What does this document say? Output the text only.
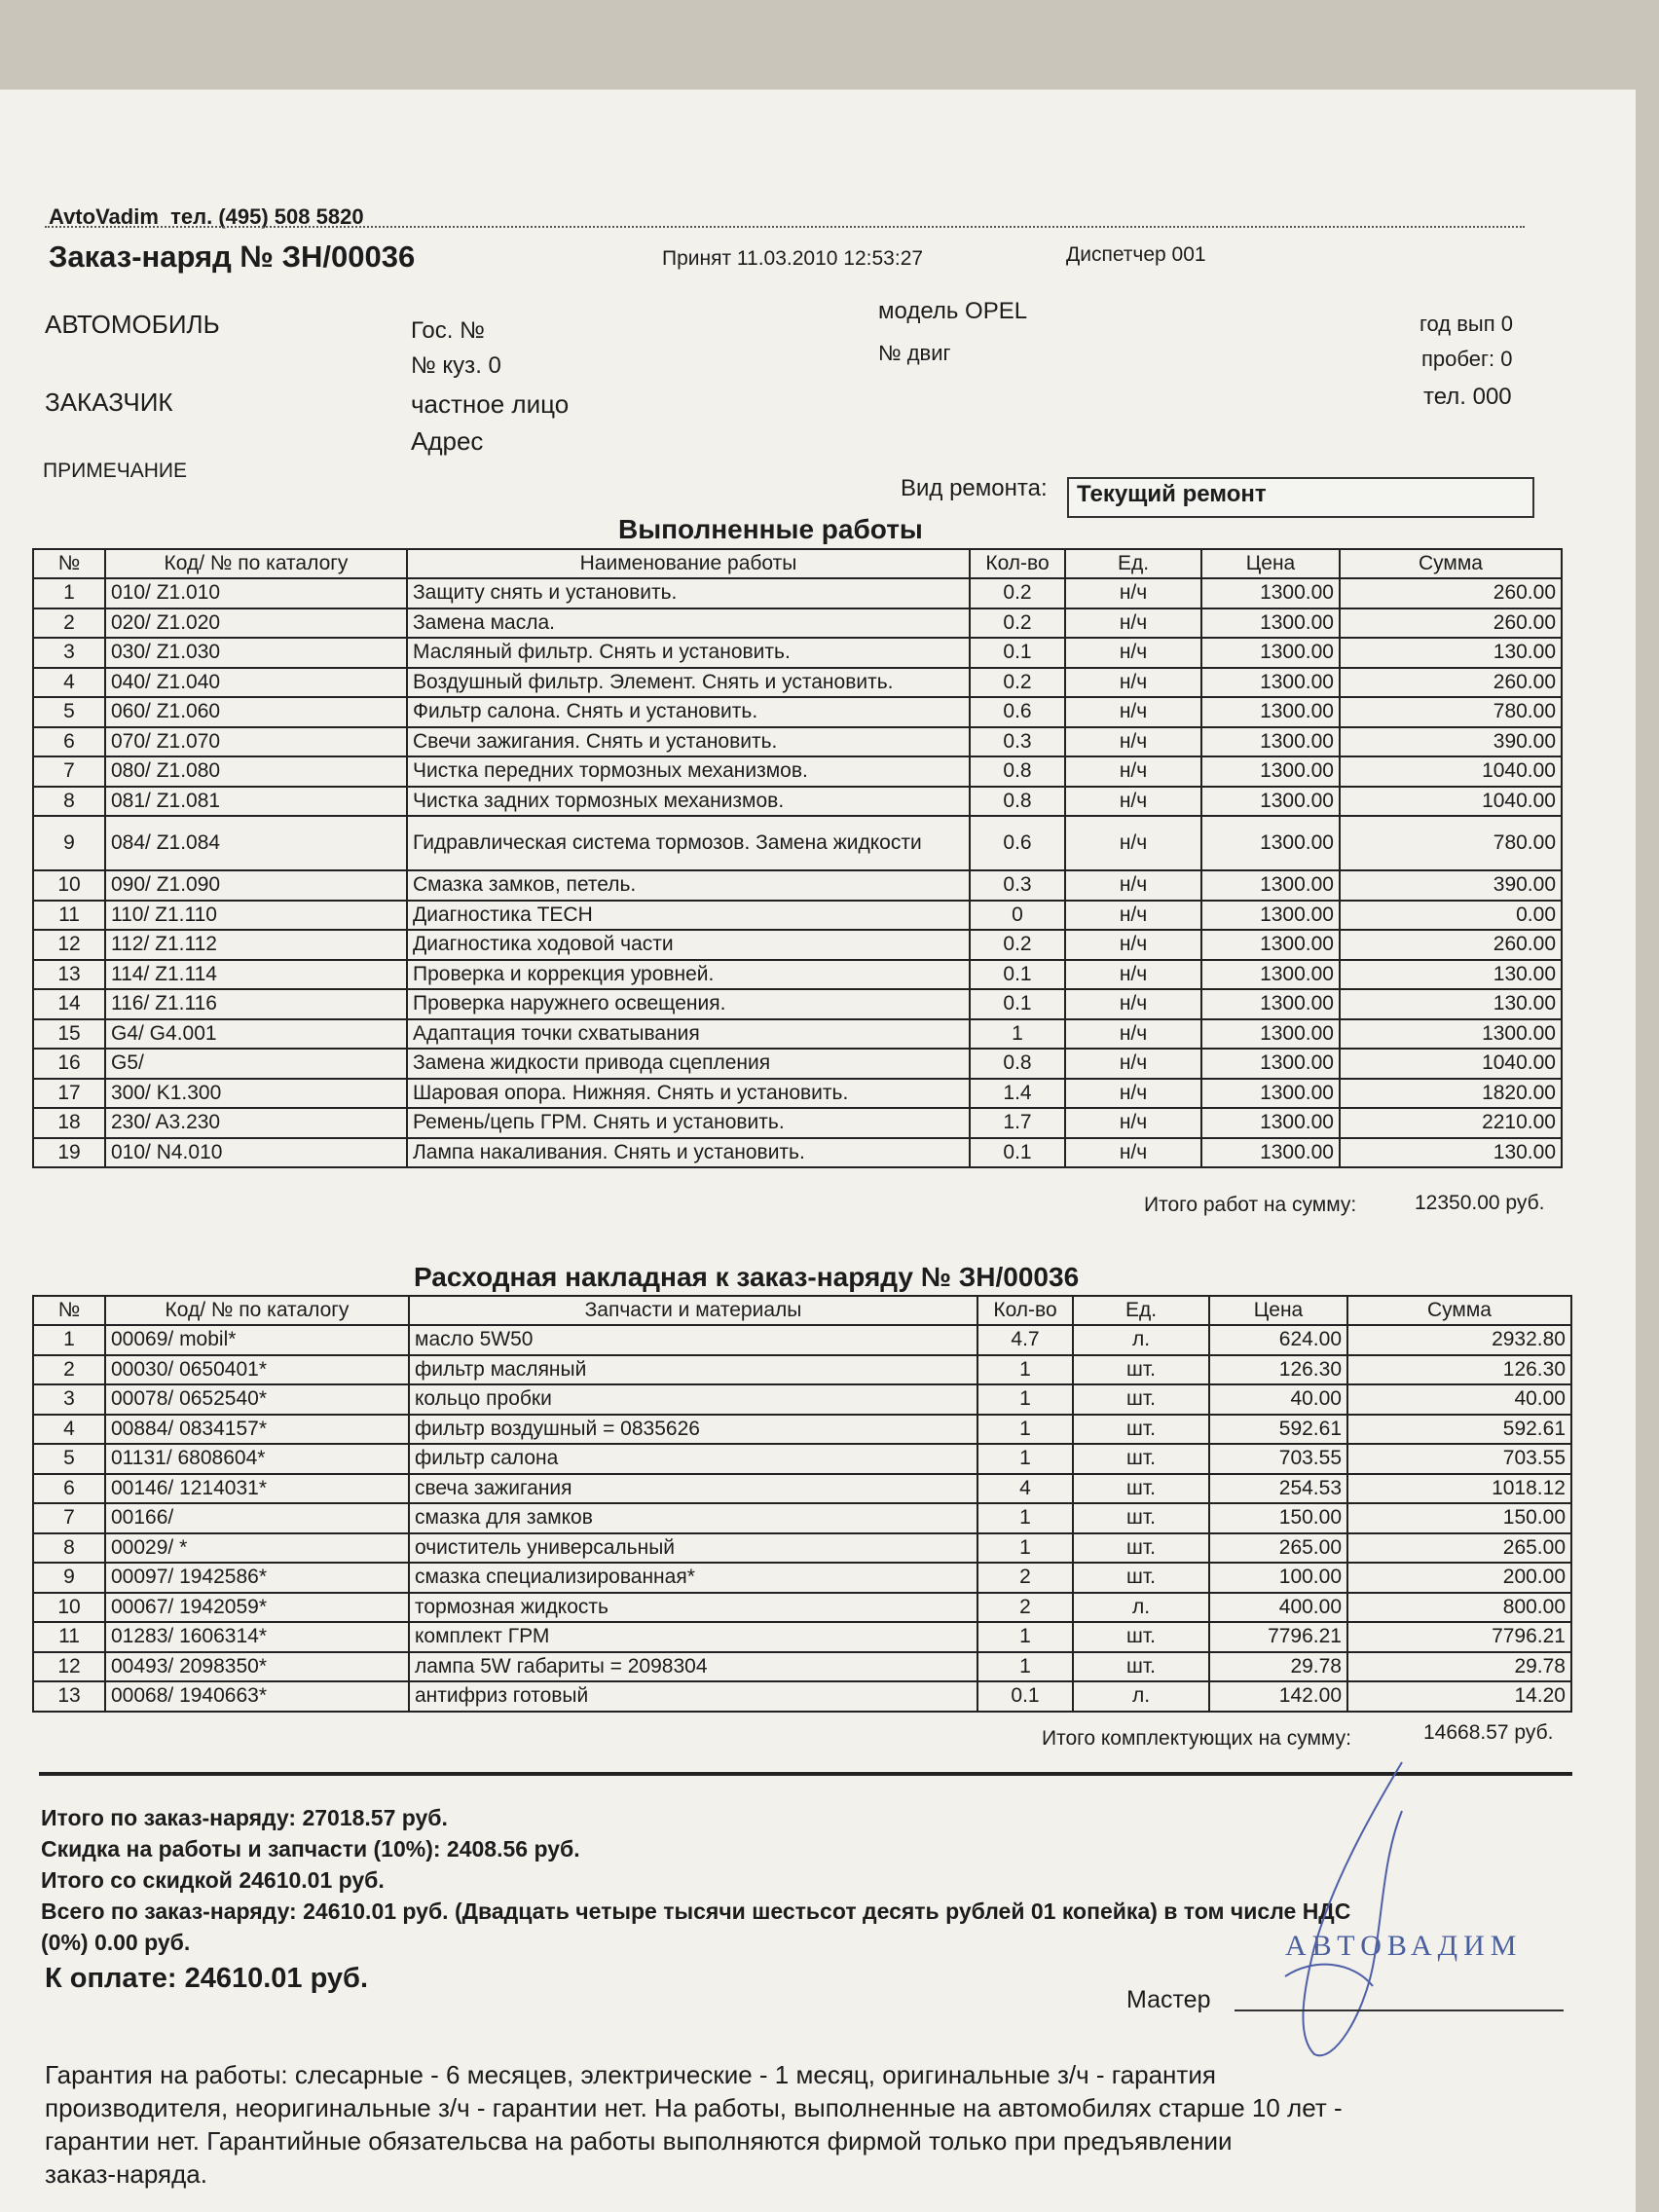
AvtoVadim тел. (495) 508 5820
Заказ-наряд № ЗН/00036	Принят 11.03.2010 12:53:27	Диспетчер 001
АВТОМОБИЛЬ	Гос. №
№ куз. 0
модель OPEL
№ двиг
год вып 0
пробег: 0
ЗАКАЗЧИК	частное лицо
Адрес
тел. 000
ПРИМЕЧАНИЕ
Вид ремонта:	Текущий ремонт
Выполненные работы
№	Код/ № по каталогу	Наименование работы	Кол-во	Ед.	Цена	Сумма
1	010/ Z1.010	Защиту снять и установить.	0.2	н/ч	1300.00	260.00
2	020/ Z1.020	Замена масла.	0.2	н/ч	1300.00	260.00
3	030/ Z1.030	Масляный фильтр. Снять и установить.	0.1	н/ч	1300.00	130.00
4	040/ Z1.040	Воздушный фильтр. Элемент. Снять и установить.	0.2	н/ч	1300.00	260.00
5	060/ Z1.060	Фильтр салона. Снять и установить.	0.6	н/ч	1300.00	780.00
6	070/ Z1.070	Свечи зажигания. Снять и установить.	0.3	н/ч	1300.00	390.00
7	080/ Z1.080	Чистка передних тормозных механизмов.	0.8	н/ч	1300.00	1040.00
8	081/ Z1.081	Чистка задних тормозных механизмов.	0.8	н/ч	1300.00	1040.00
9	084/ Z1.084	Гидравлическая система тормозов. Замена жидкости	0.6	н/ч	1300.00	780.00
10	090/ Z1.090	Смазка замков, петель.	0.3	н/ч	1300.00	390.00
11	110/ Z1.110	Диагностика TECH	0	н/ч	1300.00	0.00
12	112/ Z1.112	Диагностика ходовой части	0.2	н/ч	1300.00	260.00
13	114/ Z1.114	Проверка и коррекция уровней.	0.1	н/ч	1300.00	130.00
14	116/ Z1.116	Проверка наружнего освещения.	0.1	н/ч	1300.00	130.00
15	G4/ G4.001	Адаптация точки схватывания	1	н/ч	1300.00	1300.00
16	G5/	Замена жидкости привода сцепления	0.8	н/ч	1300.00	1040.00
17	300/ K1.300	Шаровая опора. Нижняя. Снять и установить.	1.4	н/ч	1300.00	1820.00
18	230/ A3.230	Ремень/цепь ГРМ. Снять и установить.	1.7	н/ч	1300.00	2210.00
19	010/ N4.010	Лампа накаливания. Снять и установить.	0.1	н/ч	1300.00	130.00
Итого работ на сумму:	12350.00 руб.
Расходная накладная к заказ-наряду № ЗН/00036
№	Код/ № по каталогу	Запчасти и материалы	Кол-во	Ед.	Цена	Сумма
1	00069/ mobil*	масло 5W50	4.7	л.	624.00	2932.80
2	00030/ 0650401*	фильтр масляный	1	шт.	126.30	126.30
3	00078/ 0652540*	кольцо пробки	1	шт.	40.00	40.00
4	00884/ 0834157*	фильтр воздушный = 0835626	1	шт.	592.61	592.61
5	01131/ 6808604*	фильтр салона	1	шт.	703.55	703.55
6	00146/ 1214031*	свеча зажигания	4	шт.	254.53	1018.12
7	00166/	смазка для замков	1	шт.	150.00	150.00
8	00029/ *	очиститель универсальный	1	шт.	265.00	265.00
9	00097/ 1942586*	смазка специализированная*	2	шт.	100.00	200.00
10	00067/ 1942059*	тормозная жидкость	2	л.	400.00	800.00
11	01283/ 1606314*	комплект ГРМ	1	шт.	7796.21	7796.21
12	00493/ 2098350*	лампа 5W габариты = 2098304	1	шт.	29.78	29.78
13	00068/ 1940663*	антифриз готовый	0.1	л.	142.00	14.20
Итого комплектующих на сумму:	14668.57 руб.
Итого по заказ-наряду: 27018.57 руб.
Скидка на работы и запчасти (10%): 2408.56 руб.
Итого со скидкой 24610.01 руб.
Всего по заказ-наряду: 24610.01 руб. (Двадцать четыре тысячи шестьсот десять рублей 01 копейка) в том числе НДС
(0%) 0.00 руб.
К оплате: 24610.01 руб.
АВТОВАДИМ
Мастер
Гарантия на работы: слесарные - 6 месяцев, электрические - 1 месяц, оригинальные з/ч - гарантия
производителя, неоригинальные з/ч - гарантии нет. На работы, выполненные на автомобилях старше 10 лет -
гарантии нет. Гарантийные обязательсва на работы выполняются фирмой только при предъявлении
заказ-наряда.
